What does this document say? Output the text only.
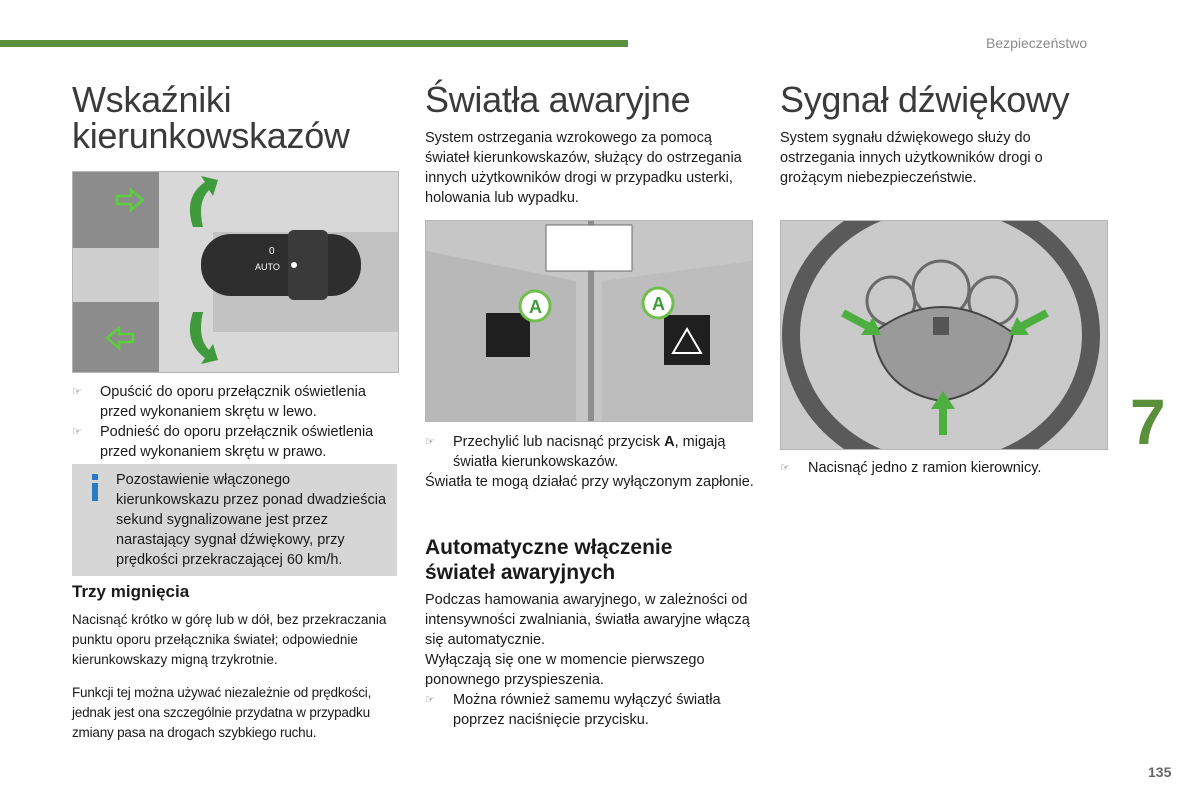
Bezpieczeństwo
Wskaźniki
kierunkowskazów
0
AUTO
☞ Opuścić do oporu przełącznik oświetlenia przed wykonaniem skrętu w lewo.
☞ Podnieść do oporu przełącznik oświetlenia przed wykonaniem skrętu w prawo.
Pozostawienie włączonego kierunkowskazu przez ponad dwadzieścia sekund sygnalizowane jest przez narastający sygnał dźwiękowy, przy prędkości przekraczającej 60 km/h.
Trzy mignięcia
Nacisnąć krótko w górę lub w dół, bez przekraczania punktu oporu przełącznika świateł; odpowiednie kierunkowskazy migną trzykrotnie.
Funkcji tej można używać niezależnie od prędkości, jednak jest ona szczególnie przydatna w przypadku zmiany pasa na drogach szybkiego ruchu.
Światła awaryjne
System ostrzegania wzrokowego za pomocą świateł kierunkowskazów, służący do ostrzegania innych użytkowników drogi w przypadku usterki, holowania lub wypadku.
A	A
☞ Przechylić lub nacisnąć przycisk A, migają światła kierunkowskazów.
Światła te mogą działać przy wyłączonym zapłonie.
Automatyczne włączenie świateł awaryjnych
Podczas hamowania awaryjnego, w zależności od intensywności zwalniania, światła awaryjne włączą się automatycznie.
Wyłączają się one w momencie pierwszego ponownego przyspieszenia.
☞ Można również samemu wyłączyć światła poprzez naciśnięcie przycisku.
Sygnał dźwiękowy
System sygnału dźwiękowego służy do ostrzegania innych użytkowników drogi o grożącym niebezpieczeństwie.
☞ Nacisnąć jedno z ramion kierownicy.
7
135
